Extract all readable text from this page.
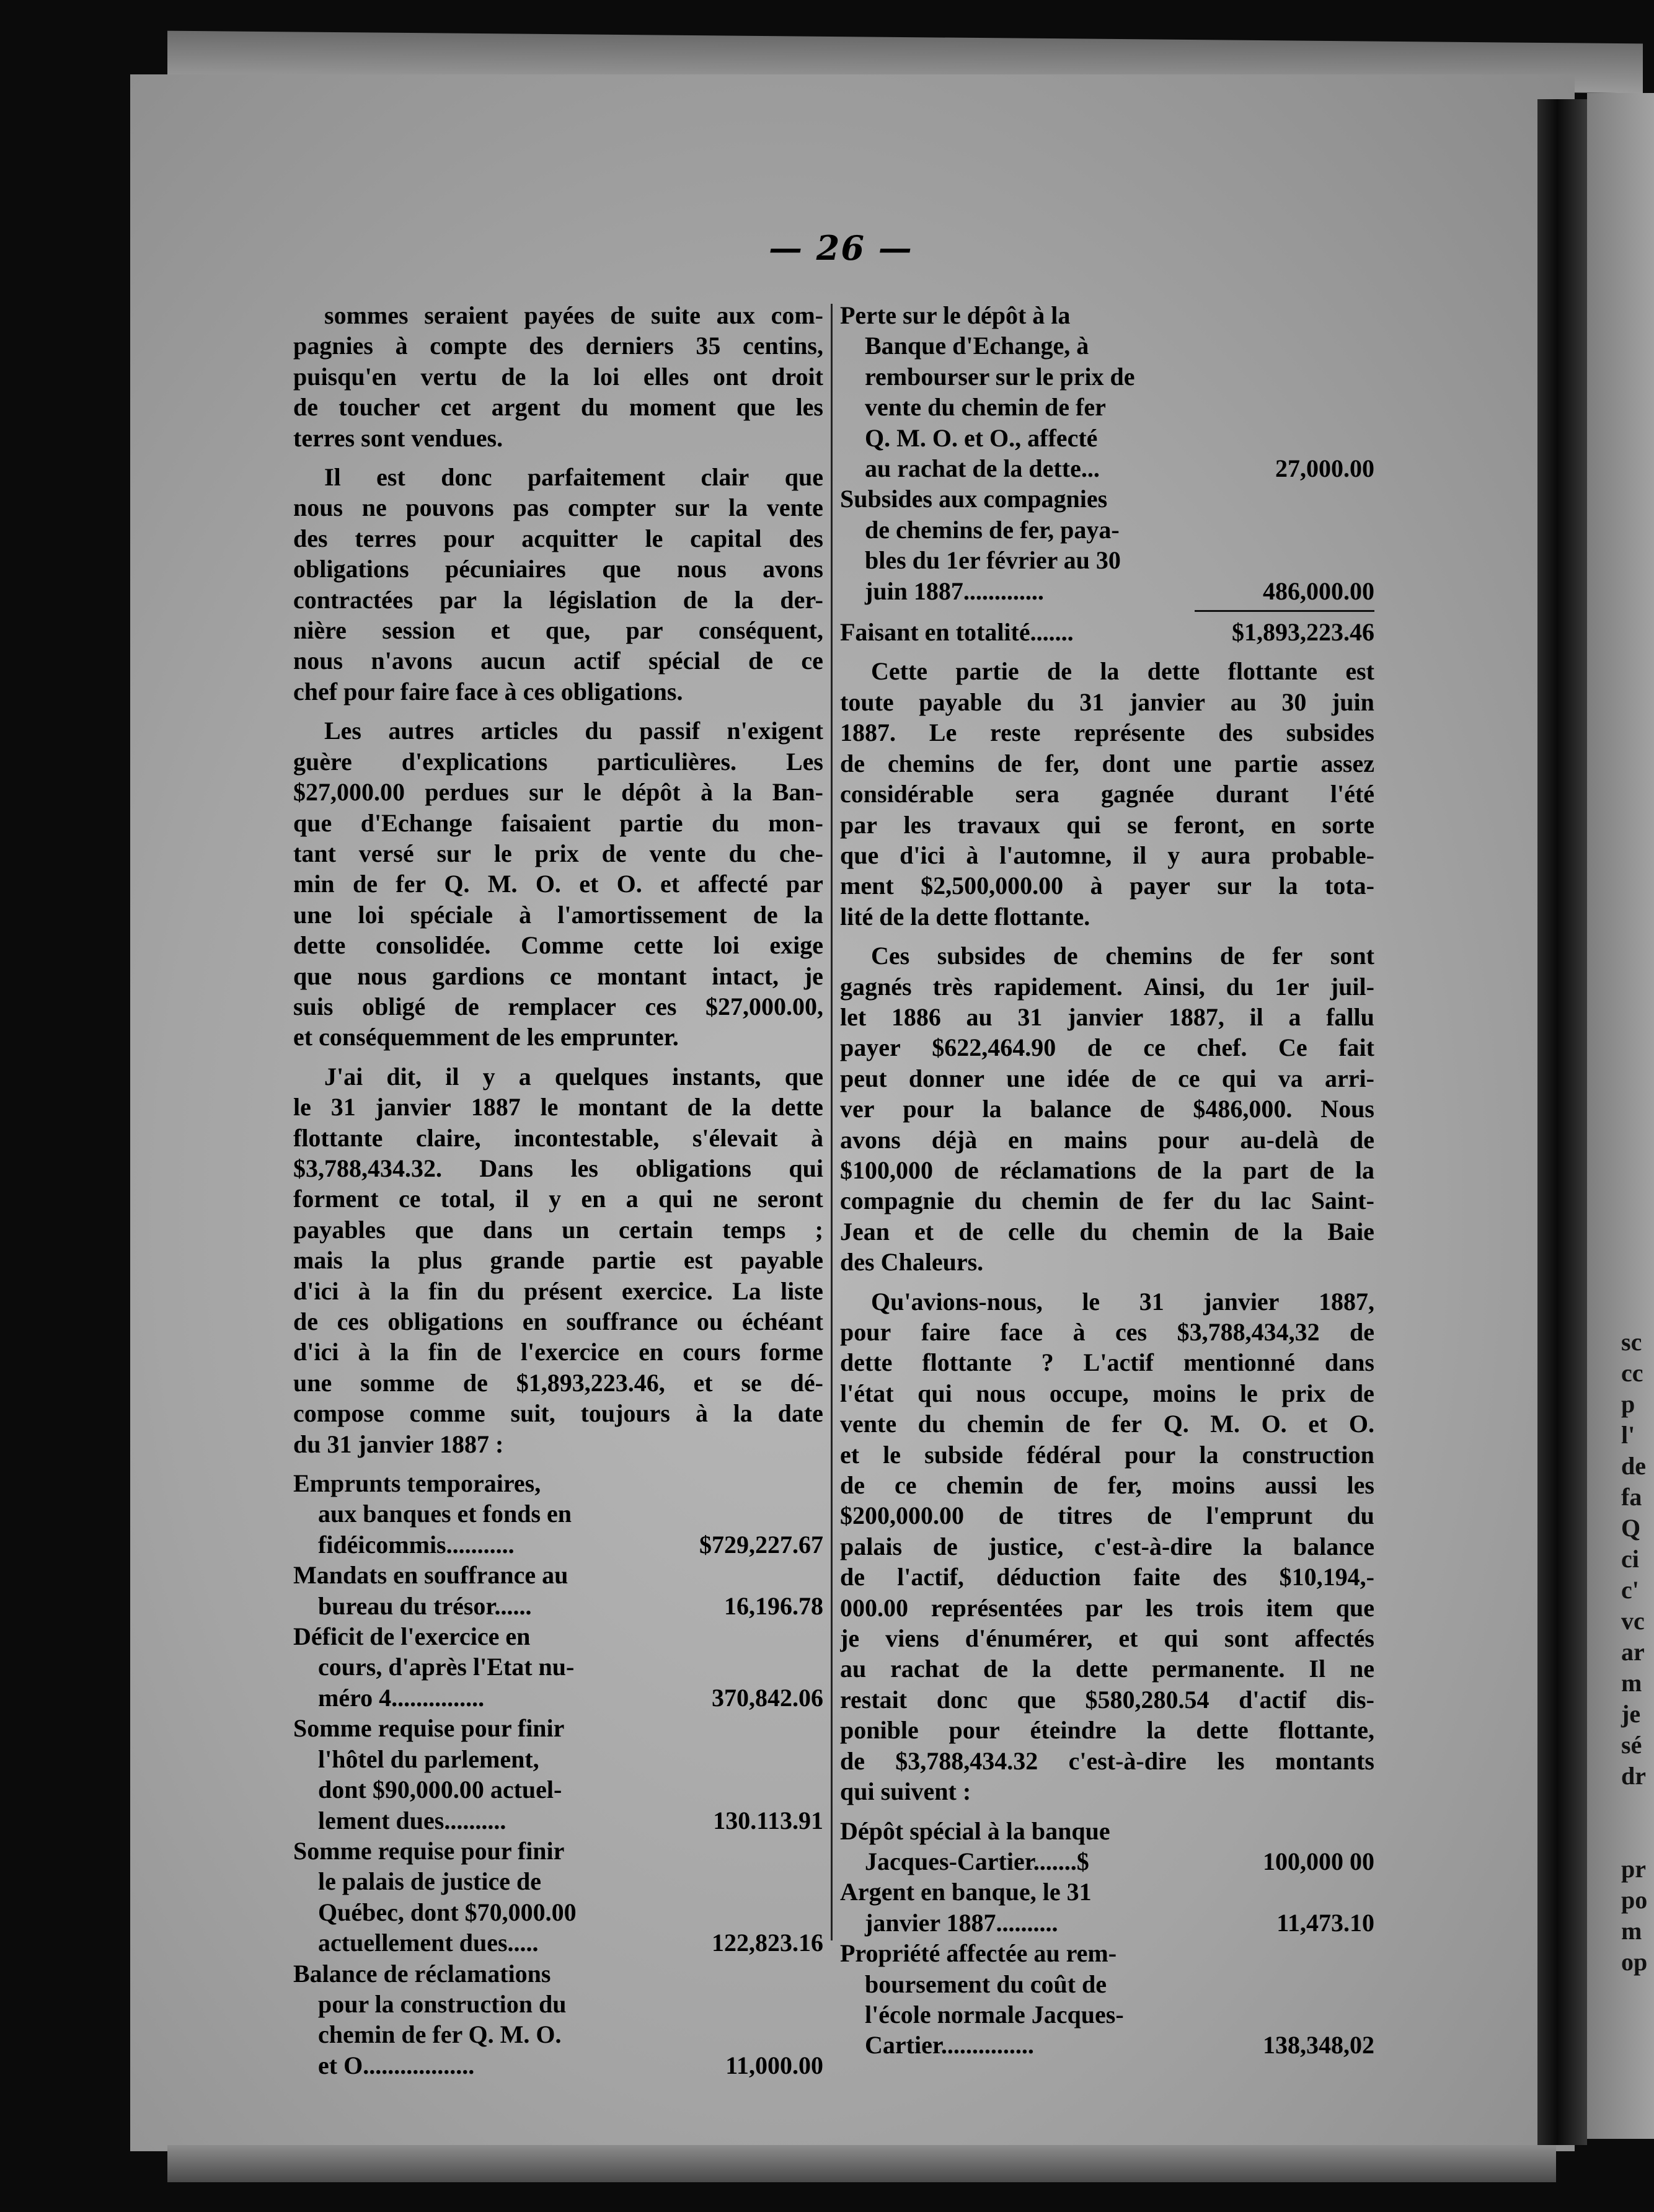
— 26 —
sommes seraient payées de suite aux com-
pagnies à compte des derniers 35 centins,
puisqu'en vertu de la loi elles ont droit
de toucher cet argent du moment que les
terres sont vendues.
Il est donc parfaitement clair que
nous ne pouvons pas compter sur la vente
des terres pour acquitter le capital des
obligations pécuniaires que nous avons
contractées par la législation de la der-
nière session et que, par conséquent,
nous n'avons aucun actif spécial de ce
chef pour faire face à ces obligations.
Les autres articles du passif n'exigent
guère d'explications particulières. Les
$27,000.00 perdues sur le dépôt à la Ban-
que d'Echange faisaient partie du mon-
tant versé sur le prix de vente du che-
min de fer Q. M. O. et O. et affecté par
une loi spéciale à l'amortissement de la
dette consolidée. Comme cette loi exige
que nous gardions ce montant intact, je
suis obligé de remplacer ces $27,000.00,
et conséquemment de les emprunter.
J'ai dit, il y a quelques instants, que
le 31 janvier 1887 le montant de la dette
flottante claire, incontestable, s'élevait à
$3,788,434.32. Dans les obligations qui
forment ce total, il y en a qui ne seront
payables que dans un certain temps ;
mais la plus grande partie est payable
d'ici à la fin du présent exercice. La liste
de ces obligations en souffrance ou échéant
d'ici à la fin de l'exercice en cours forme
une somme de $1,893,223.46, et se dé-
compose comme suit, toujours à la date
du 31 janvier 1887 :
Emprunts temporaires,
aux banques et fonds en
fidéicommis...........	$729,227.67
Mandats en souffrance au
bureau du trésor......	16,196.78
Déficit de l'exercice en
cours, d'après l'Etat nu-
méro 4...............	370,842.06
Somme requise pour finir
l'hôtel du parlement,
dont $90,000.00 actuel-
lement dues..........	130.113.91
Somme requise pour finir
le palais de justice de
Québec, dont $70,000.00
actuellement dues.....	122,823.16
Balance de réclamations
pour la construction du
chemin de fer Q. M. O.
et O..................	11,000.00
Perte sur le dépôt à la
Banque d'Echange, à
rembourser sur le prix de
vente du chemin de fer
Q. M. O. et O., affecté
au rachat de la dette...	27,000.00
Subsides aux compagnies
de chemins de fer, paya-
bles du 1er février au 30
juin 1887.............	486,000.00
Faisant en totalité.......	$1,893,223.46
Cette partie de la dette flottante est
toute payable du 31 janvier au 30 juin
1887. Le reste représente des subsides
de chemins de fer, dont une partie assez
considérable sera gagnée durant l'été
par les travaux qui se feront, en sorte
que d'ici à l'automne, il y aura probable-
ment $2,500,000.00 à payer sur la tota-
lité de la dette flottante.
Ces subsides de chemins de fer sont
gagnés très rapidement. Ainsi, du 1er juil-
let 1886 au 31 janvier 1887, il a fallu
payer $622,464.90 de ce chef. Ce fait
peut donner une idée de ce qui va arri-
ver pour la balance de $486,000. Nous
avons déjà en mains pour au-delà de
$100,000 de réclamations de la part de la
compagnie du chemin de fer du lac Saint-
Jean et de celle du chemin de la Baie
des Chaleurs.
Qu'avions-nous, le 31 janvier 1887,
pour faire face à ces $3,788,434,32 de
dette flottante ? L'actif mentionné dans
l'état qui nous occupe, moins le prix de
vente du chemin de fer Q. M. O. et O.
et le subside fédéral pour la construction
de ce chemin de fer, moins aussi les
$200,000.00 de titres de l'emprunt du
palais de justice, c'est-à-dire la balance
de l'actif, déduction faite des $10,194,-
000.00 représentées par les trois item que
je viens d'énumérer, et qui sont affectés
au rachat de la dette permanente. Il ne
restait donc que $580,280.54 d'actif dis-
ponible pour éteindre la dette flottante,
de $3,788,434.32 c'est-à-dire les montants
qui suivent :
Dépôt spécial à la banque
Jacques-Cartier.......$	100,000 00
Argent en banque, le 31
janvier 1887..........	11,473.10
Propriété affectée au rem-
boursement du coût de
l'école normale Jacques-
Cartier...............	138,348,02
sc
cc
p
l'
de
fa
Q
ci
c'
vc
ar
m
je
sé
dr
pr
po
m
op
